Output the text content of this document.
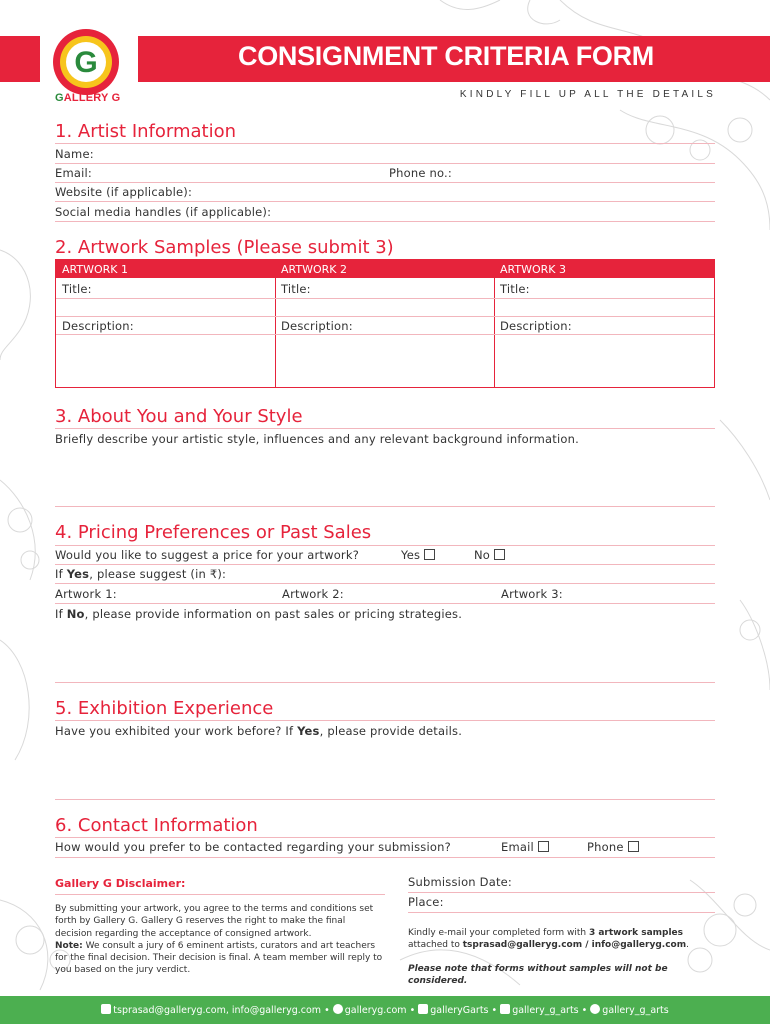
CONSIGNMENT CRITERIA FORM
G
GALLERY G	KINDLY FILL UP ALL THE DETAILS
1. Artist Information
Name:
Email:	Phone no.:
Website (if applicable):
Social media handles (if applicable):
2. Artwork Samples (Please submit 3)
ARTWORK 1	ARTWORK 2	ARTWORK 3
Title:	Title:	Title:
Description:	Description:	Description:
3. About You and Your Style
Briefly describe your artistic style, influences and any relevant background information.
4. Pricing Preferences or Past Sales
Would you like to suggest a price for your artwork?	Yes	No
If Yes, please suggest (in ₹):
Artwork 1:	Artwork 2:	Artwork 3:
If No, please provide information on past sales or pricing strategies.
5. Exhibition Experience
Have you exhibited your work before? If Yes, please provide details.
6. Contact Information
How would you prefer to be contacted regarding your submission?	Email	Phone
Gallery G Disclaimer:
By submitting your artwork, you agree to the terms and conditions set forth by Gallery G. Gallery G reserves the right to make the final decision regarding the acceptance of consigned artwork.
Note: We consult a jury of 6 eminent artists, curators and art teachers for the final decision. Their decision is final. A team member will reply to you based on the jury verdict.
Submission Date:
Place:
Kindly e-mail your completed form with 3 artwork samples
attached to tsprasad@galleryg.com / info@galleryg.com.
Please note that forms without samples will not be considered.
tsprasad@galleryg.com, info@galleryg.com • galleryg.com • galleryGarts • gallery_g_arts • gallery_g_arts
